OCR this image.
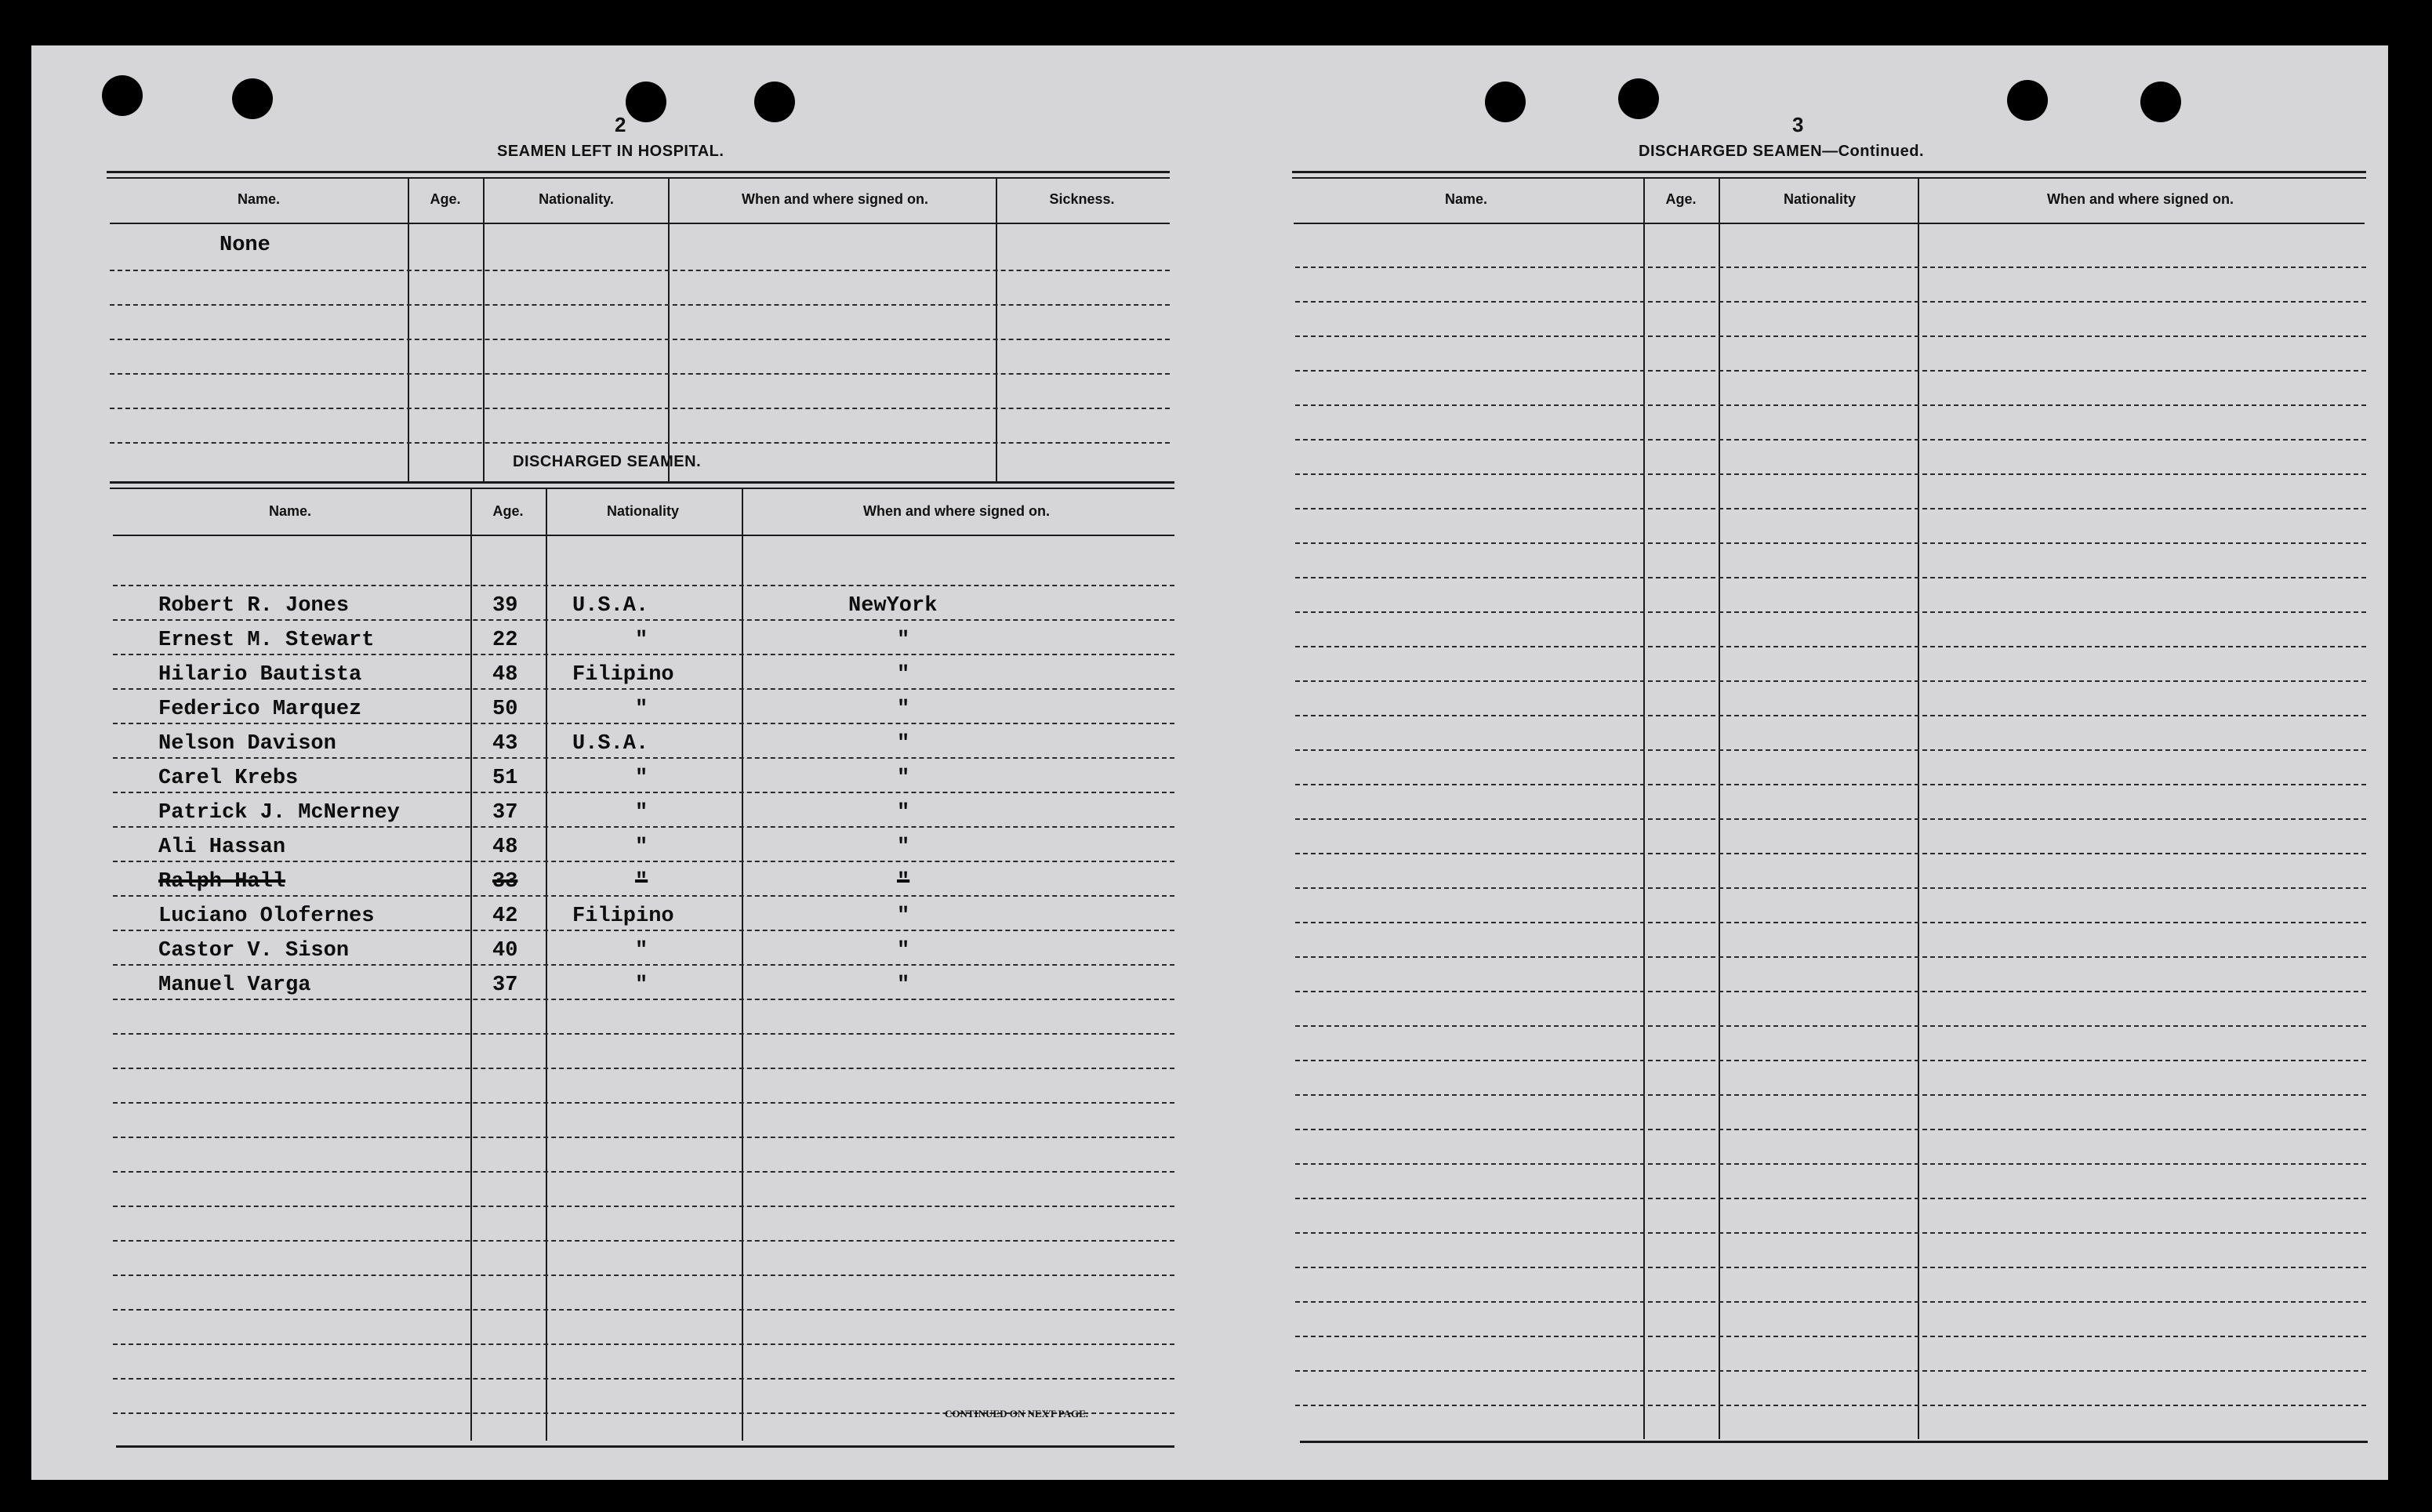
2
SEAMEN LEFT IN HOSPITAL.
Name.	Age.	Nationality.	When and where signed on.	Sickness.
None
DISCHARGED SEAMEN.
Name.	Age.	Nationality	When and where signed on.
Robert R. Jones	39	U.S.A.	NewYork
Ernest M. Stewart	22	"	"
Hilario Bautista	48	Filipino	"
Federico Marquez	50	"	"
Nelson Davison	43	U.S.A.	"
Carel Krebs	51	"	"
Patrick J. McNerney	37	"	"
Ali Hassan	48	"	"
Ralph Hall	33	"	"
Luciano Olofernes	42	Filipino	"
Castor V. Sison	40	"	"
Manuel Varga	37	"	"
CONTINUED ON NEXT PAGE.
3
DISCHARGED SEAMEN—Continued.
Name.	Age.	Nationality	When and where signed on.
